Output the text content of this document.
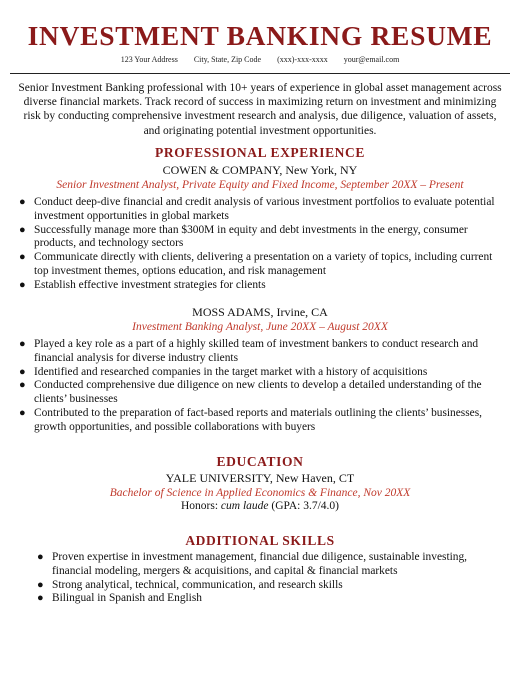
INVESTMENT BANKING RESUME
123 Your Address City, State, Zip Code (xxx)-xxx-xxxx your@email.com
Senior Investment Banking professional with 10+ years of experience in global asset management across diverse financial markets. Track record of success in maximizing return on investment and minimizing risk by conducting comprehensive investment research and analysis, due diligence, valuation of assets, and originating potential investment opportunities.
PROFESSIONAL EXPERIENCE
COWEN & COMPANY, New York, NY
Senior Investment Analyst, Private Equity and Fixed Income, September 20XX – Present
● Conduct deep-dive financial and credit analysis of various investment portfolios to evaluate potential investment opportunities in global markets
● Successfully manage more than $300M in equity and debt investments in the energy, consumer products, and technology sectors
● Communicate directly with clients, delivering a presentation on a variety of topics, including current top investment themes, options education, and risk management
● Establish effective investment strategies for clients
MOSS ADAMS, Irvine, CA
Investment Banking Analyst, June 20XX – August 20XX
● Played a key role as a part of a highly skilled team of investment bankers to conduct research and financial analysis for diverse industry clients
● Identified and researched companies in the target market with a history of acquisitions
● Conducted comprehensive due diligence on new clients to develop a detailed understanding of the clients’ businesses
● Contributed to the preparation of fact-based reports and materials outlining the clients’ businesses, growth opportunities, and possible collaborations with buyers
EDUCATION
YALE UNIVERSITY, New Haven, CT
Bachelor of Science in Applied Economics & Finance, Nov 20XX
Honors: cum laude (GPA: 3.7/4.0)
ADDITIONAL SKILLS
● Proven expertise in investment management, financial due diligence, sustainable investing, financial modeling, mergers & acquisitions, and capital & financial markets
● Strong analytical, technical, communication, and research skills
● Bilingual in Spanish and English
